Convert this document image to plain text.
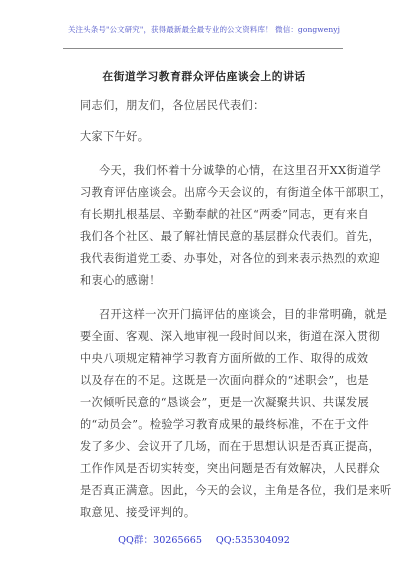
关注头条号"公文研究"，获得最新最全最专业的公文资料库！ 微信：gongwenyj
在街道学习教育群众评估座谈会上的讲话
同志们，朋友们，各位居民代表们：
大家下午好。
今天，我们怀着十分诚挚的心情，在这里召开XX街道学
习教育评估座谈会。出席今天会议的，有街道全体干部职工，
有长期扎根基层、辛勤奉献的社区“两委”同志，更有来自
我们各个社区、最了解社情民意的基层群众代表们。首先，
我代表街道党工委、办事处，对各位的到来表示热烈的欢迎
和衷心的感谢！
召开这样一次开门搞评估的座谈会，目的非常明确，就是
要全面、客观、深入地审视一段时间以来，街道在深入贯彻
中央八项规定精神学习教育方面所做的工作、取得的成效
以及存在的不足。这既是一次面向群众的“述职会”，也是
一次倾听民意的“恳谈会”，更是一次凝聚共识、共谋发展
的“动员会”。检验学习教育成果的最终标准，不在于文件
发了多少、会议开了几场，而在于思想认识是否真正提高，
工作作风是否切实转变，突出问题是否有效解决，人民群众
是否真正满意。因此，今天的会议，主角是各位，我们是来听
取意见、接受评判的。
QQ群：30265665 QQ:535304092
